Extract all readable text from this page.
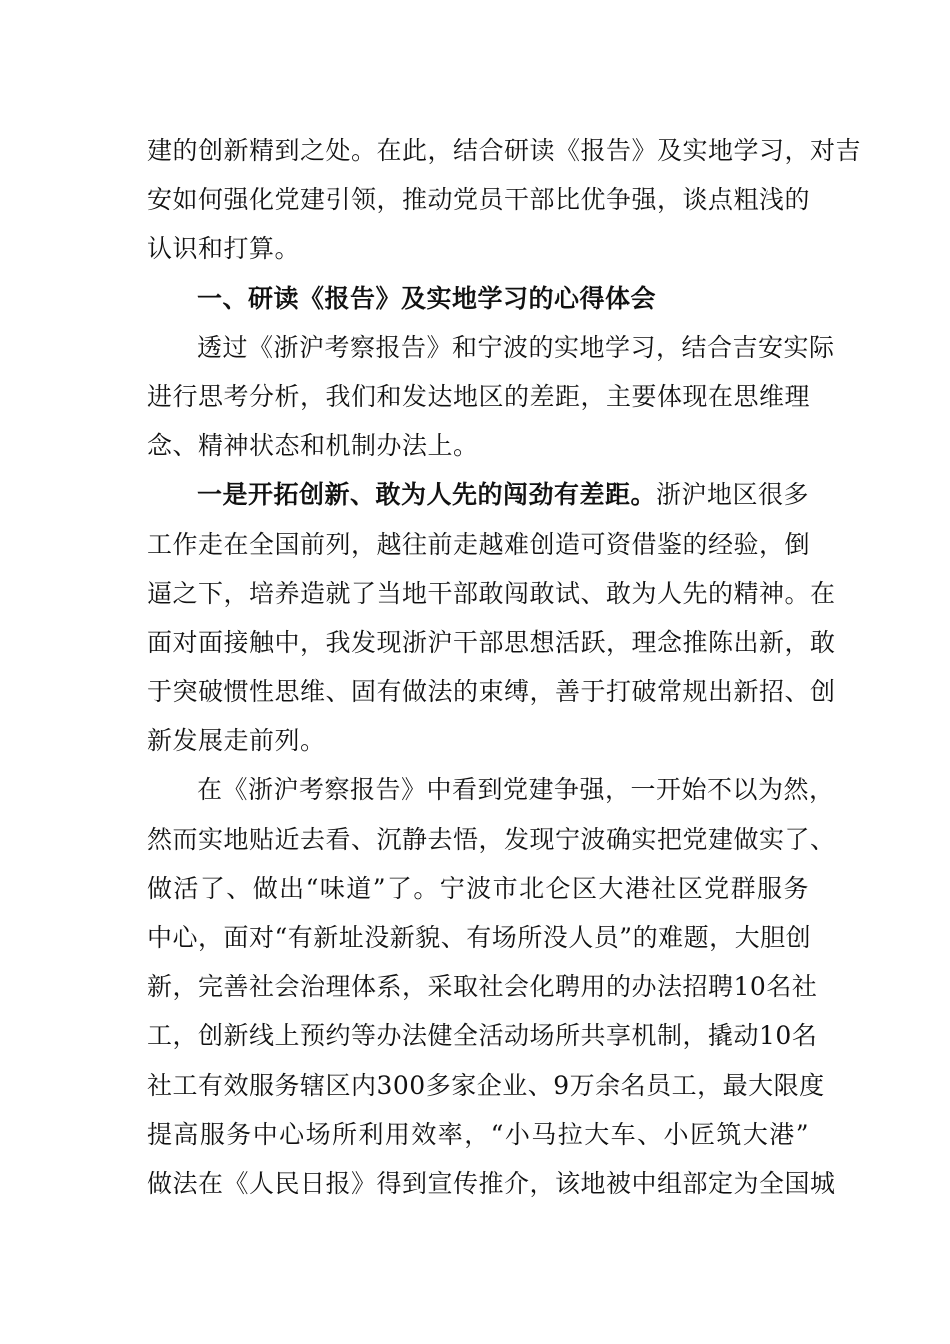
建的创新精到之处。在此，结合研读《报告》及实地学习，对吉
安如何强化党建引领，推动党员干部比优争强，谈点粗浅的
认识和打算。
一、研读《报告》及实地学习的心得体会
透过《浙沪考察报告》和宁波的实地学习，结合吉安实际
进行思考分析，我们和发达地区的差距，主要体现在思维理
念、精神状态和机制办法上。
一是开拓创新、敢为人先的闯劲有差距。浙沪地区很多
工作走在全国前列，越往前走越难创造可资借鉴的经验，倒
逼之下，培养造就了当地干部敢闯敢试、敢为人先的精神。在
面对面接触中，我发现浙沪干部思想活跃，理念推陈出新，敢
于突破惯性思维、固有做法的束缚，善于打破常规出新招、创
新发展走前列。
在《浙沪考察报告》中看到党建争强，一开始不以为然，
然而实地贴近去看、沉静去悟，发现宁波确实把党建做实了、
做活了、做出“味道”了。宁波市北仑区大港社区党群服务
中心，面对“有新址没新貌、有场所没人员”的难题，大胆创
新，完善社会治理体系，采取社会化聘用的办法招聘10名社
工，创新线上预约等办法健全活动场所共享机制，撬动10名
社工有效服务辖区内300多家企业、9万余名员工，最大限度
提高服务中心场所利用效率，“小马拉大车、小匠筑大港”
做法在《人民日报》得到宣传推介，该地被中组部定为全国城
